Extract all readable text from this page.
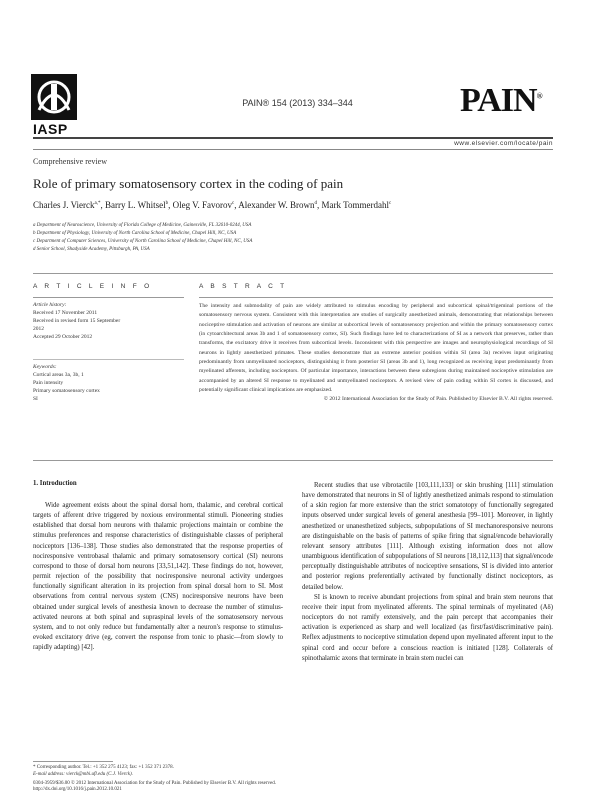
IASP
PAIN® 154 (2013) 334–344	PAIN®
www.elsevier.com/locate/pain
Comprehensive review
Role of primary somatosensory cortex in the coding of pain
Charles J. Vierck$^{a,*}$, Barry L. Whitsel$^b$, Oleg V. Favorov$^c$, Alexander W. Brown$^d$, Mark Tommerdahl$^c$
a Department of Neuroscience, University of Florida College of Medicine, Gainesville, FL 32610-0244, USA
b Department of Physiology, University of North Carolina School of Medicine, Chapel Hill, NC, USA
c Department of Computer Sciences, University of North Carolina School of Medicine, Chapel Hill, NC, USA
d Senior School, Shadyside Academy, Pittsburgh, PA, USA
A R T I C L E I N F O
Article history:
Received 17 November 2011
Received in revised form 15 September
2012
Accepted 29 October 2012
Keywords:
Cortical areas 3a, 3b, 1
Pain intensity
Primary somatosensory cortex
SI
A B S T R A C T
The intensity and submodality of pain are widely attributed to stimulus encoding by peripheral and subcortical spinal/trigeminal portions of the somatosensory nervous system. Consistent with this interpretation are studies of surgically anesthetized animals, demonstrating that relationships between nociceptive stimulation and activation of neurons are similar at subcortical levels of somatosensory projection and within the primary somatosensory cortex (in cytoarchitectural areas 3b and 1 of somatosensory cortex, SI). Such findings have led to characterizations of SI as a network that preserves, rather than transforms, the excitatory drive it receives from subcortical levels. Inconsistent with this perspective are images and neurophysiological recordings of SI neurons in lightly anesthetized primates. These studies demonstrate that an extreme anterior position within SI (area 3a) receives input originating predominantly from unmyelinated nociceptors, distinguishing it from posterior SI (areas 3b and 1), long recognized as receiving input predominantly from myelinated afferents, including nociceptors. Of particular importance, interactions between these subregions during maintained nociceptive stimulation are accompanied by an altered SI response to myelinated and unmyelinated nociceptors. A revised view of pain coding within SI cortex is discussed, and potentially significant clinical implications are emphasized.
© 2012 International Association for the Study of Pain. Published by Elsevier B.V. All rights reserved.
1. Introduction

Wide agreement exists about the spinal dorsal horn, thalamic, and cerebral cortical targets of afferent drive triggered by noxious environmental stimuli. Pioneering studies established that dorsal horn neurons with thalamic projections maintain or combine the stimulus preferences and response characteristics of distinguishable classes of peripheral nociceptors [136–138]. Those studies also demonstrated that the response properties of nociresponsive ventrobasal thalamic and primary somatosensory cortical (SI) neurons correspond to those of dorsal horn neurons [33,51,142]. These findings do not, however, permit rejection of the possibility that nociresponsive neuronal activity undergoes functionally significant alteration in its projection from spinal dorsal horn to SI. Most observations from central nervous system (CNS) nociresponsive neurons have been obtained under surgical levels of anesthesia known to decrease the number of stimulus-activated neurons at both spinal and supraspinal levels of the somatosensory nervous system, and to not only reduce but fundamentally alter a neuron's response to stimulus-evoked excitatory drive (eg, convert the response from tonic to phasic—from slowly to rapidly adapting) [42].

Recent studies that use vibrotactile [103,111,133] or skin brushing [111] stimulation have demonstrated that neurons in SI of lightly anesthetized animals respond to stimulation of a skin region far more extensive than the strict somatotopy of functionally segregated inputs observed under surgical levels of general anesthesia [99–101]. Moreover, in lightly anesthetized or unanesthetized subjects, subpopulations of SI mechanoresponsive neurons are distinguishable on the basis of patterns of spike firing that signal/encode behaviorally relevant sensory attributes [111]. Although existing information does not allow unambiguous identification of subpopulations of SI neurons [18,112,113] that signal/encode perceptually distinguishable attributes of nociceptive sensations, SI is divided into anterior and posterior regions preferentially activated by functionally distinct nociceptors, as detailed below.

SI is known to receive abundant projections from spinal and brain stem neurons that receive their input from myelinated afferents. The spinal terminals of myelinated (Aδ) nociceptors do not ramify extensively, and the pain percept that accompanies their activation is experienced as sharp and well localized (as first/fast/discriminative pain). Reflex adjustments to nociceptive stimulation depend upon myelinated afferent input to the spinal cord and occur before a conscious reaction is initiated [128]. Collaterals of spinothalamic axons that terminate in brain stem nuclei can

* Corresponding author. Tel.: +1 352 275 4123; fax: +1 352 371 2378.
E-mail address: vierck@mbi.ufl.edu (C.J. Vierck).
0304-3959/$36.00 © 2012 International Association for the Study of Pain. Published by Elsevier B.V. All rights reserved.
http://dx.doi.org/10.1016/j.pain.2012.10.021
